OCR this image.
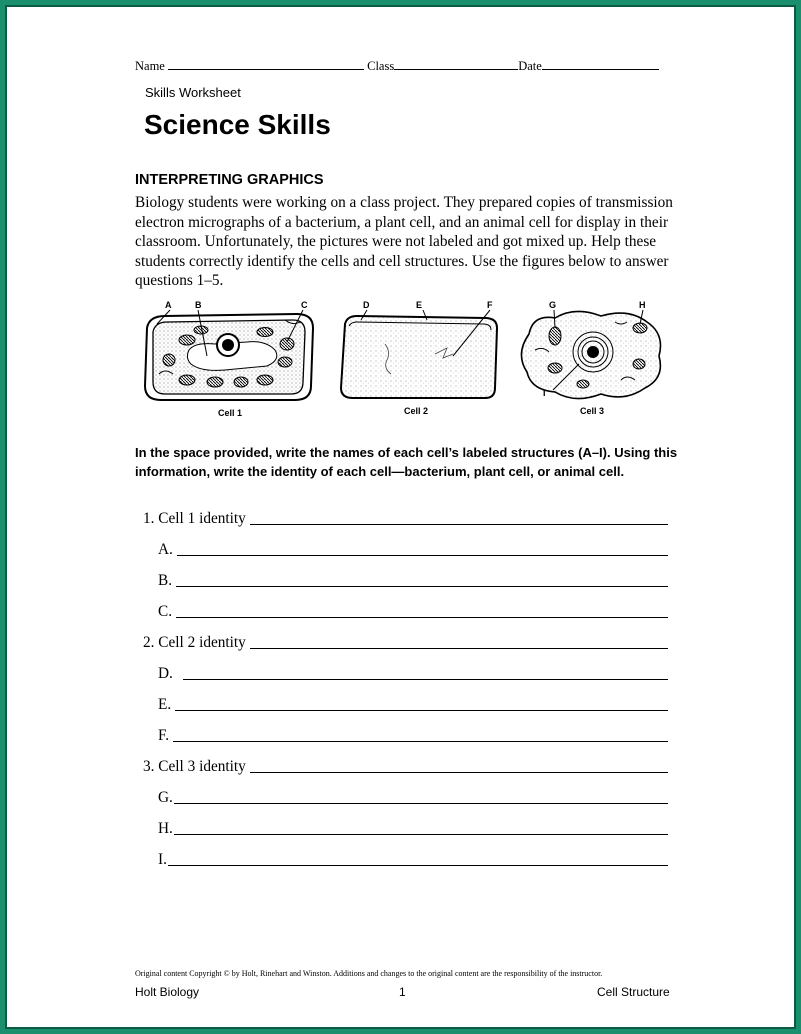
Name	Class	Date
Skills Worksheet
Science Skills
INTERPRETING GRAPHICS
Biology students were working on a class project. They prepared copies of transmission electron micrographs of a bacterium, a plant cell, and an animal cell for display in their classroom. Unfortunately, the pictures were not labeled and got mixed up. Help these students correctly identify the cells and cell structures. Use the figures below to answer questions 1–5.
A	B	C	D	E	F	G	H
I
Cell 1	Cell 2	Cell 3
In the space provided, write the names of each cell’s labeled structures (A–I). Using this information, write the identity of each cell—bacterium, plant cell, or animal cell.
1. Cell 1 identity
A.
B.
C.
2. Cell 2 identity
D.
E.
F.
3. Cell 3 identity
G.
H.
I.
Original content Copyright © by Holt, Rinehart and Winston. Additions and changes to the original content are the responsibility of the instructor.
Holt Biology	1	Cell Structure
